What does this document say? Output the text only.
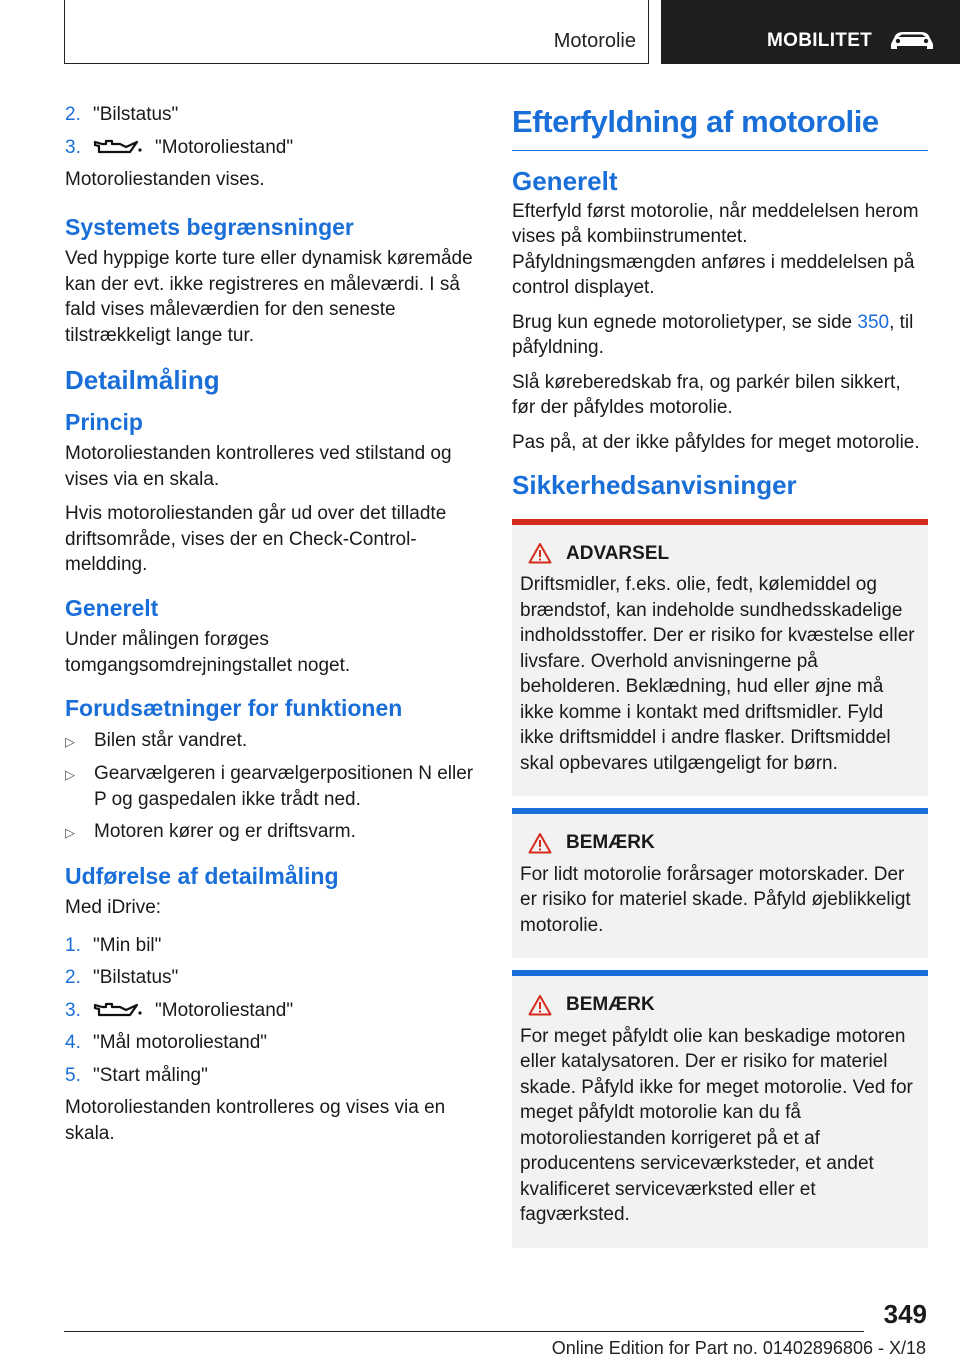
Motorolie	MOBILITET
2. "Bilstatus"
3.	"Motoroliestand"

Motoroliestanden vises.

Systemets begrænsninger

Ved hyppige korte ture eller dynamisk køremåde kan der evt. ikke registreres en måleværdi. I så fald vises måleværdien for den seneste tilstrækkeligt lange tur.

Detailmåling
Princip

Motoroliestanden kontrolleres ved stilstand og vises via en skala.

Hvis motoroliestanden går ud over det tilladte driftsområde, vises der en Check-Control-meldding.

Generelt

Under målingen forøges tomgangsomdrejningstallet noget.

Forudsætninger for funktionen
▷	Bilen står vandret.
▷	Gearvælgeren i gearvælgerpositionen N eller P og gaspedalen ikke trådt ned.
▷	Motoren kører og er driftsvarm.
Udførelse af detailmåling

Med iDrive:

1. "Min bil"
2. "Bilstatus"
3.	"Motoroliestand"
4. "Mål motoroliestand"
5. "Start måling"

Motoroliestanden kontrolleres og vises via en skala.

Efterfyldning af motorolie
Generelt

Efterfyld først motorolie, når meddelelsen herom vises på kombiinstrumentet. Påfyldningsmængden anføres i meddelelsen på control displayet.

Brug kun egnede motorolietyper, se side 350, til påfyldning.

Slå køreberedskab fra, og parkér bilen sikkert, før der påfyldes motorolie.

Pas på, at der ikke påfyldes for meget motorolie.

Sikkerhedsanvisninger
ADVARSEL
Driftsmidler, f.eks. olie, fedt, kølemiddel og brændstof, kan indeholde sundhedsskadelige indholdsstoffer. Der er risiko for kvæstelse eller livsfare. Overhold anvisningerne på beholderen. Beklædning, hud eller øjne må ikke komme i kontakt med driftsmidler. Fyld ikke driftsmiddel i andre flasker. Driftsmiddel skal opbevares utilgængeligt for børn.
BEMÆRK
For lidt motorolie forårsager motorskader. Der er risiko for materiel skade. Påfyld øjeblikkeligt motorolie.
BEMÆRK
For meget påfyldt olie kan beskadige motoren eller katalysatoren. Der er risiko for materiel skade. Påfyld ikke for meget motorolie. Ved for meget påfyldt motorolie kan du få motoroliestanden korrigeret på et af producentens serviceværksteder, et andet kvalificeret serviceværksted eller et fagværksted.
349
Online Edition for Part no. 01402896806 - X/18
